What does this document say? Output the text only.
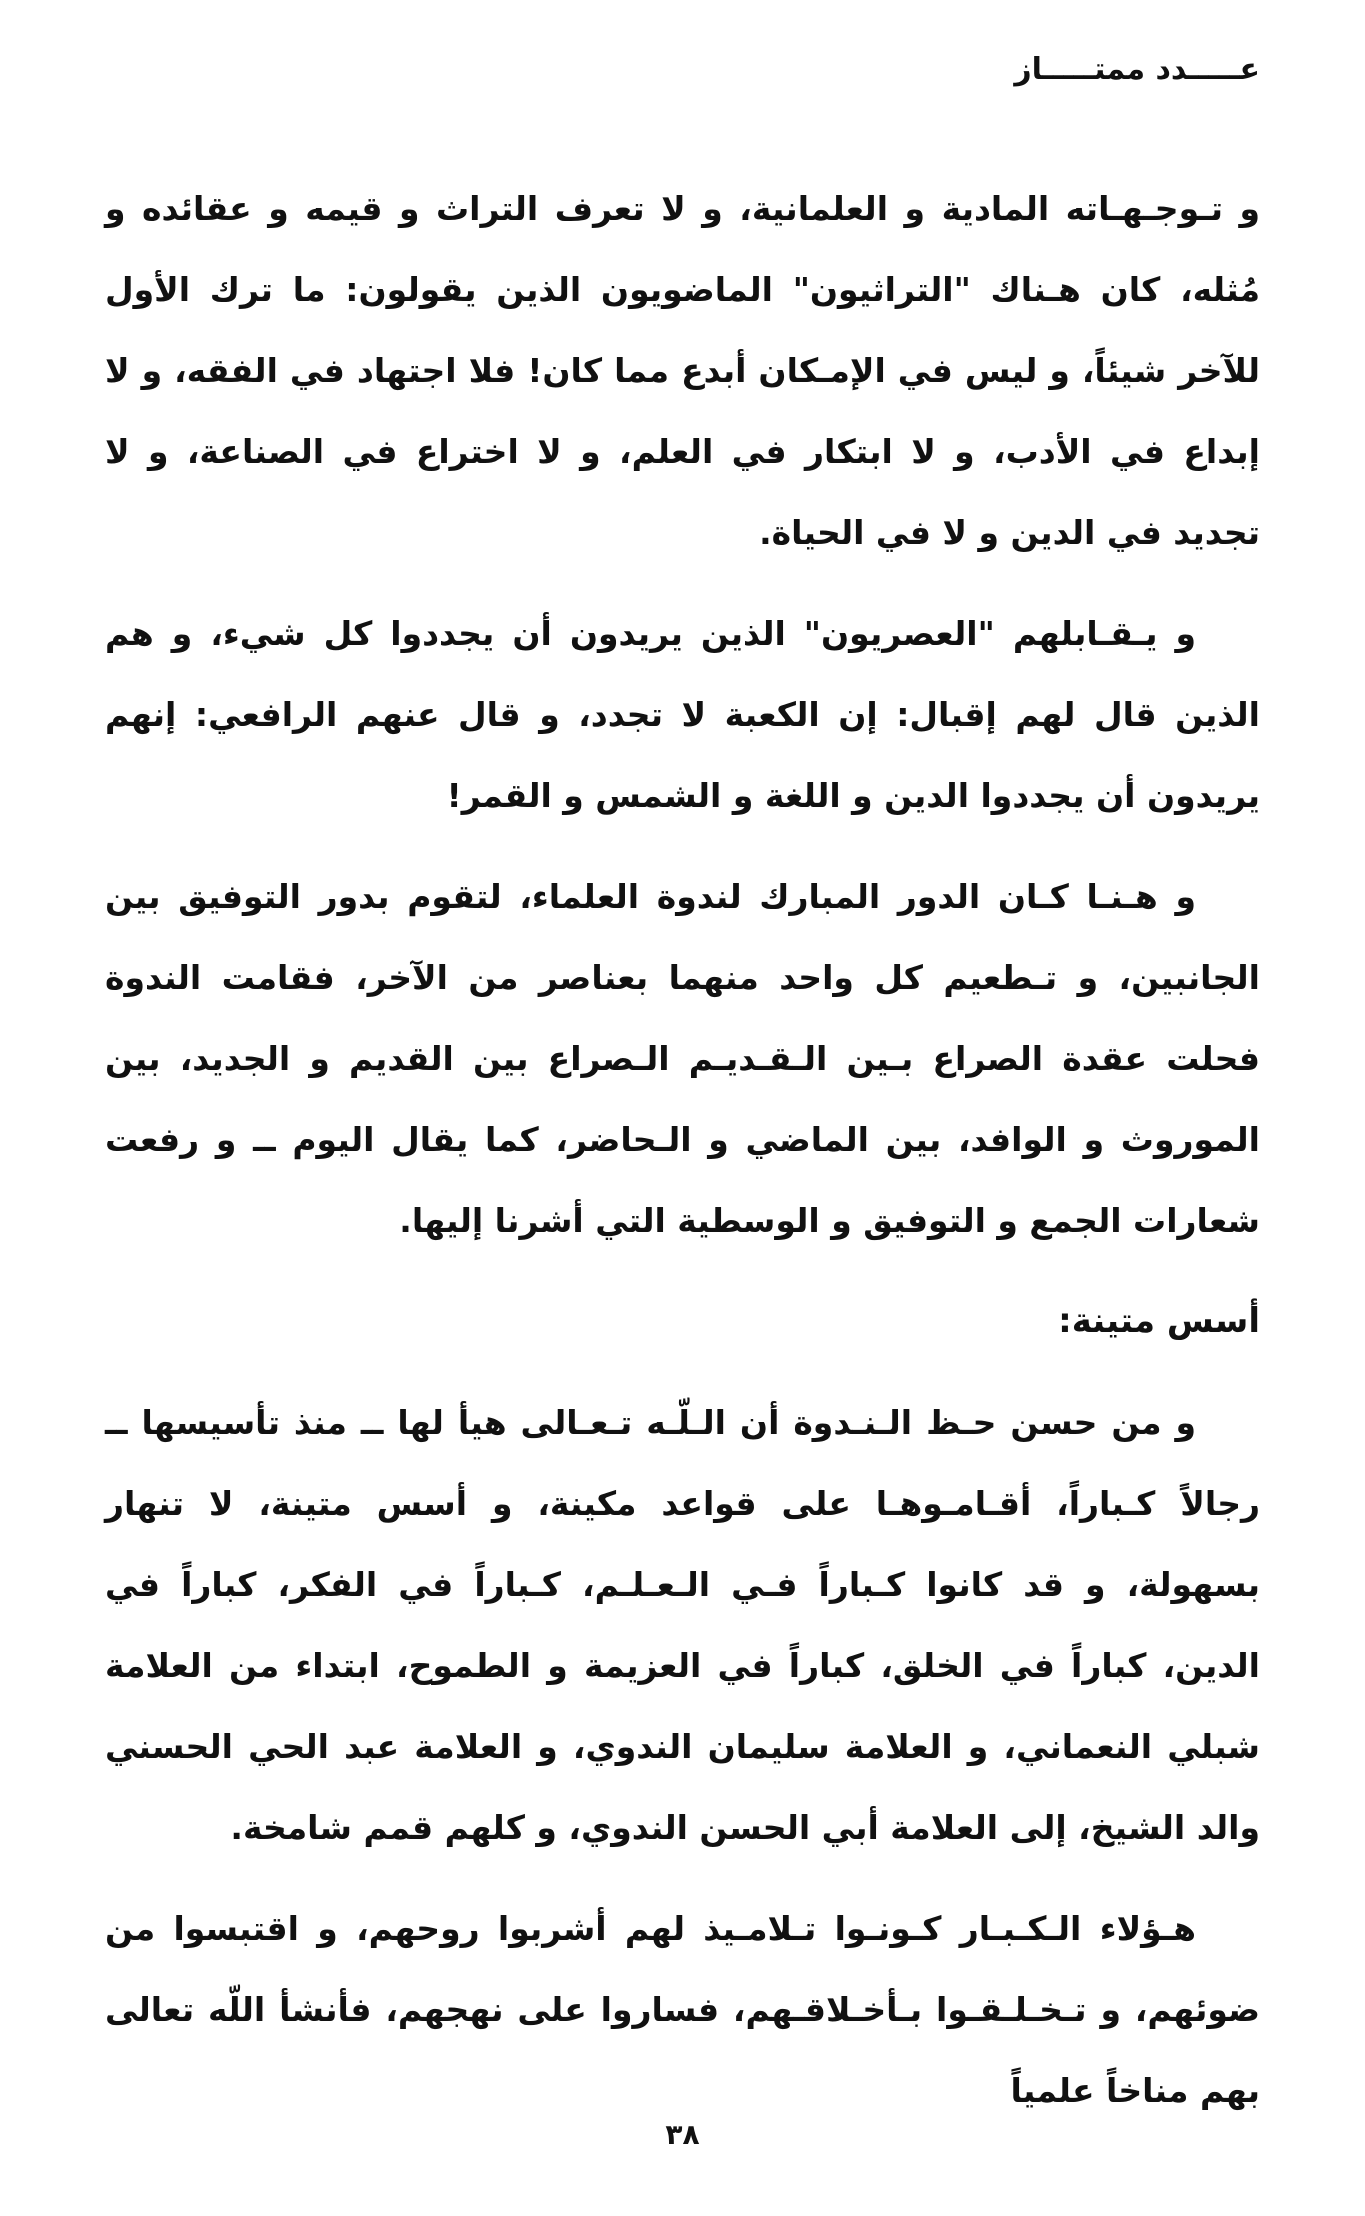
عـــــدد ممتـــــاز

و تـوجـهـاته المادية و العلمانية، و لا تعرف التراث و قيمه و عقائده و مُثله، كان هـناك "التراثيون" الماضويون الذين يقولون: ما ترك الأول للآخر شيئاً، و ليس في الإمـكان أبدع مما كان! فلا اجتهاد في الفقه، و لا إبداع في الأدب، و لا ابتكار في العلم، و لا اختراع في الصناعة، و لا تجديد في الدين و لا في الحياة.

و يـقـابلهم "العصريون" الذين يريدون أن يجددوا كل شيء، و هم الذين قال لهم إقبال: إن الكعبة لا تجدد، و قال عنهم الرافعي: إنهم يريدون أن يجددوا الدين و اللغة و الشمس و القمر!

و هـنـا كـان الدور المبارك لندوة العلماء، لتقوم بدور التوفيق بين الجانبين، و تـطعيم كل واحد منهما بعناصر من الآخر، فقامت الندوة فحلت عقدة الصراع بـين الـقـديـم الـصراع بين القديم و الجديد، بين الموروث و الوافد، بين الماضي و الـحاضر، كما يقال اليوم ــ و رفعت شعارات الجمع و التوفيق و الوسطية التي أشرنا إليها.

أسس متينة:

و من حسن حـظ الـنـدوة أن الـلّـه تـعـالى هيأ لها ــ منذ تأسيسها ــ رجالاً كـباراً، أقـامـوهـا على قواعد مكينة، و أسس متينة، لا تنهار بسهولة، و قد كانوا كـباراً فـي الـعـلـم، كـباراً في الفكر، كباراً في الدين، كباراً في الخلق، كباراً في العزيمة و الطموح، ابتداء من العلامة شبلي النعماني، و العلامة سليمان الندوي، و العلامة عبد الحي الحسني والد الشيخ، إلى العلامة أبي الحسن الندوي، و كلهم قمم شامخة.

هـؤلاء الـكـبـار كـونـوا تـلامـيذ لهم أشربوا روحهم، و اقتبسوا من ضوئهم، و تـخـلـقـوا بـأخـلاقـهم، فساروا على نهجهم، فأنشأ اللّه تعالى بهم مناخاً علمياً

٣٨
